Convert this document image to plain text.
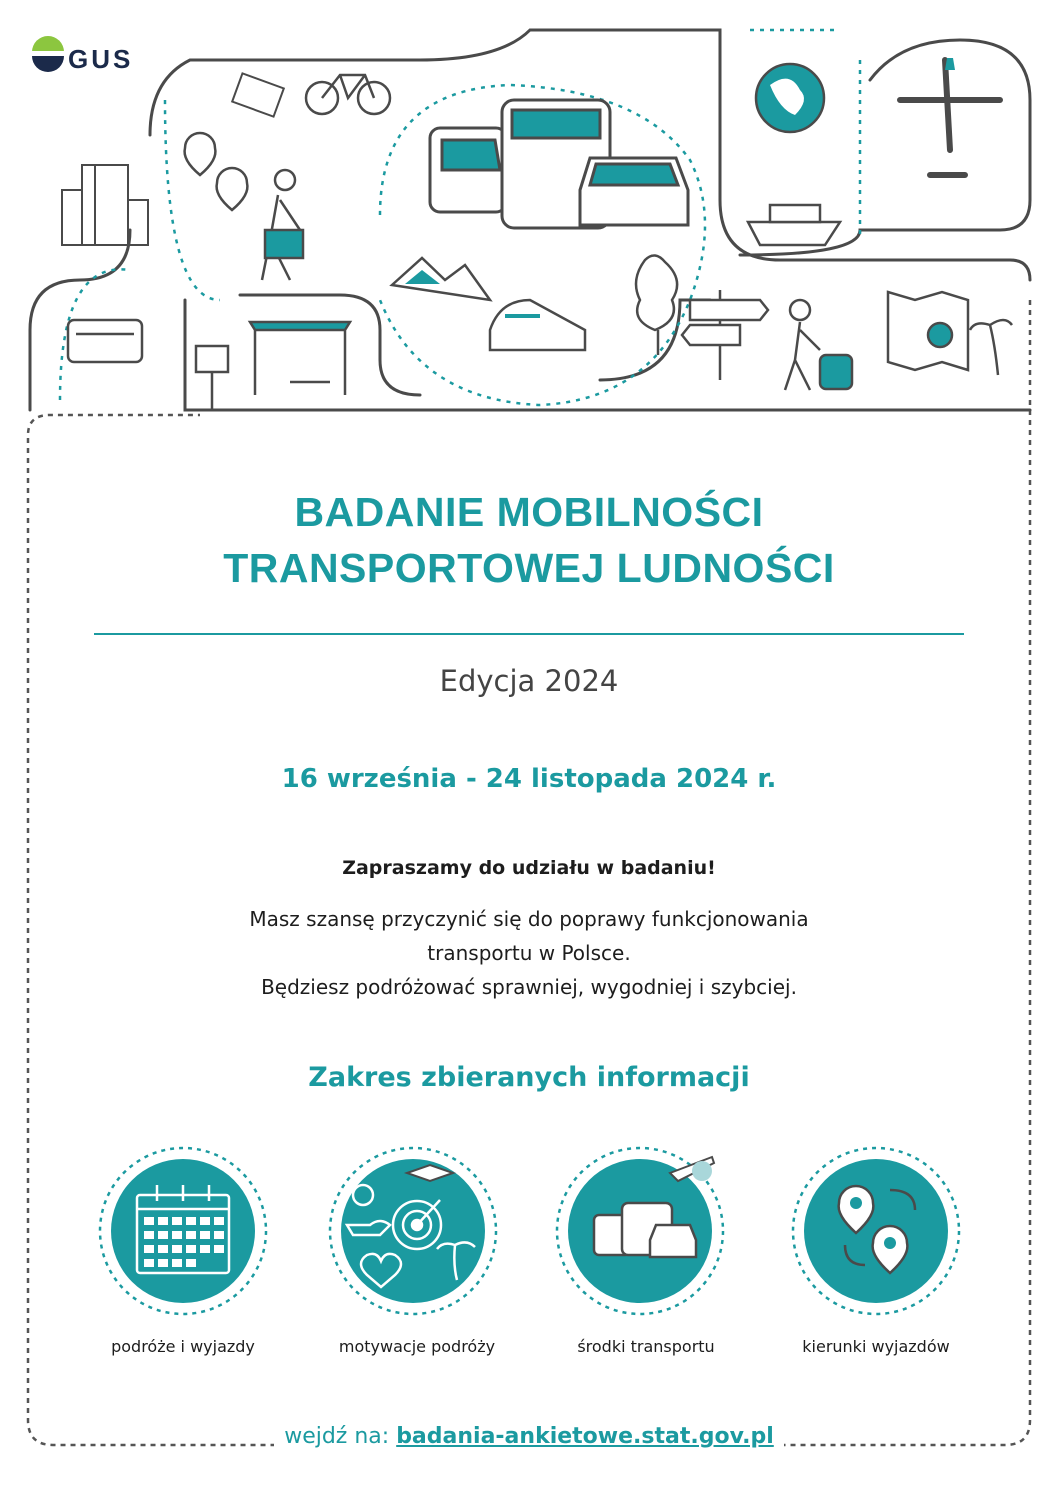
GUS
BADANIE MOBILNOŚCI
TRANSPORTOWEJ LUDNOŚCI
Edycja 2024
16 września - 24 listopada 2024 r.
Zapraszamy do udziału w badaniu!
Masz szansę przyczynić się do poprawy funkcjonowania
transportu w Polsce.
Będziesz podróżować sprawniej, wygodniej i szybciej.
Zakres zbieranych informacji
podróże i wyjazdy	motywacje podróży	środki transportu	kierunki wyjazdów
wejdź na: badania-ankietowe.stat.gov.pl
